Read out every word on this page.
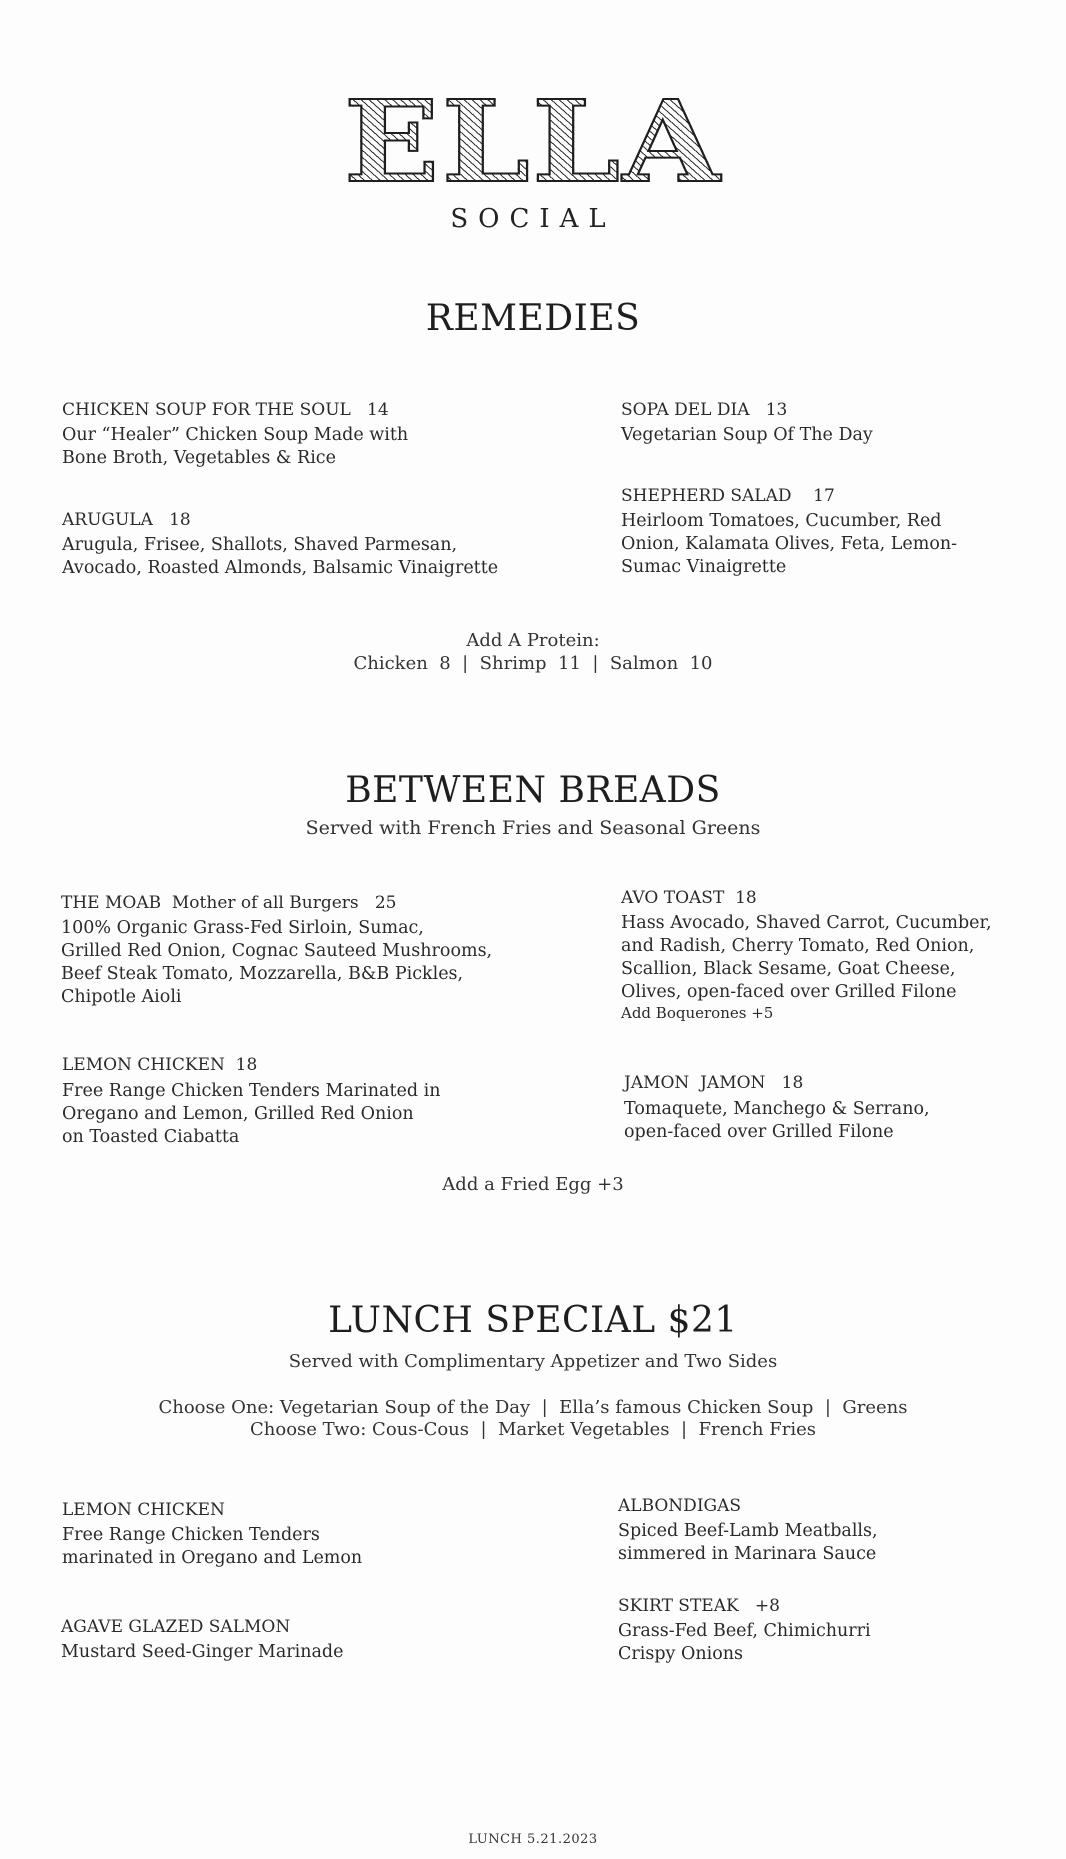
ELLA
SOCIAL
REMEDIES
CHICKEN SOUP FOR THE SOUL   14
Our “Healer” Chicken Soup Made with
Bone Broth, Vegetables & Rice
ARUGULA   18
Arugula, Frisee, Shallots, Shaved Parmesan,
Avocado, Roasted Almonds, Balsamic Vinaigrette
SOPA DEL DIA   13
Vegetarian Soup Of The Day
SHEPHERD SALAD    17
Heirloom Tomatoes, Cucumber, Red
Onion, Kalamata Olives, Feta, Lemon-
Sumac Vinaigrette
Add A Protein:
Chicken  8  |  Shrimp  11  |  Salmon  10
BETWEEN BREADS
Served with French Fries and Seasonal Greens
THE MOAB  Mother of all Burgers   25
100% Organic Grass-Fed Sirloin, Sumac,
Grilled Red Onion, Cognac Sauteed Mushrooms,
Beef Steak Tomato, Mozzarella, B&B Pickles,
Chipotle Aioli
LEMON CHICKEN  18
Free Range Chicken Tenders Marinated in
Oregano and Lemon, Grilled Red Onion
on Toasted Ciabatta
AVO TOAST  18
Hass Avocado, Shaved Carrot, Cucumber,
and Radish, Cherry Tomato, Red Onion,
Scallion, Black Sesame, Goat Cheese,
Olives, open-faced over Grilled Filone
Add Boquerones +5
JAMON  JAMON   18
Tomaquete, Manchego & Serrano,
open-faced over Grilled Filone
Add a Fried Egg +3
LUNCH SPECIAL $21
Served with Complimentary Appetizer and Two Sides
Choose One: Vegetarian Soup of the Day  |  Ella’s famous Chicken Soup  |  Greens
Choose Two: Cous-Cous  |  Market Vegetables  |  French Fries
LEMON CHICKEN
Free Range Chicken Tenders
marinated in Oregano and Lemon
AGAVE GLAZED SALMON
Mustard Seed-Ginger Marinade
ALBONDIGAS
Spiced Beef-Lamb Meatballs,
simmered in Marinara Sauce
SKIRT STEAK   +8
Grass-Fed Beef, Chimichurri
Crispy Onions
LUNCH 5.21.2023
